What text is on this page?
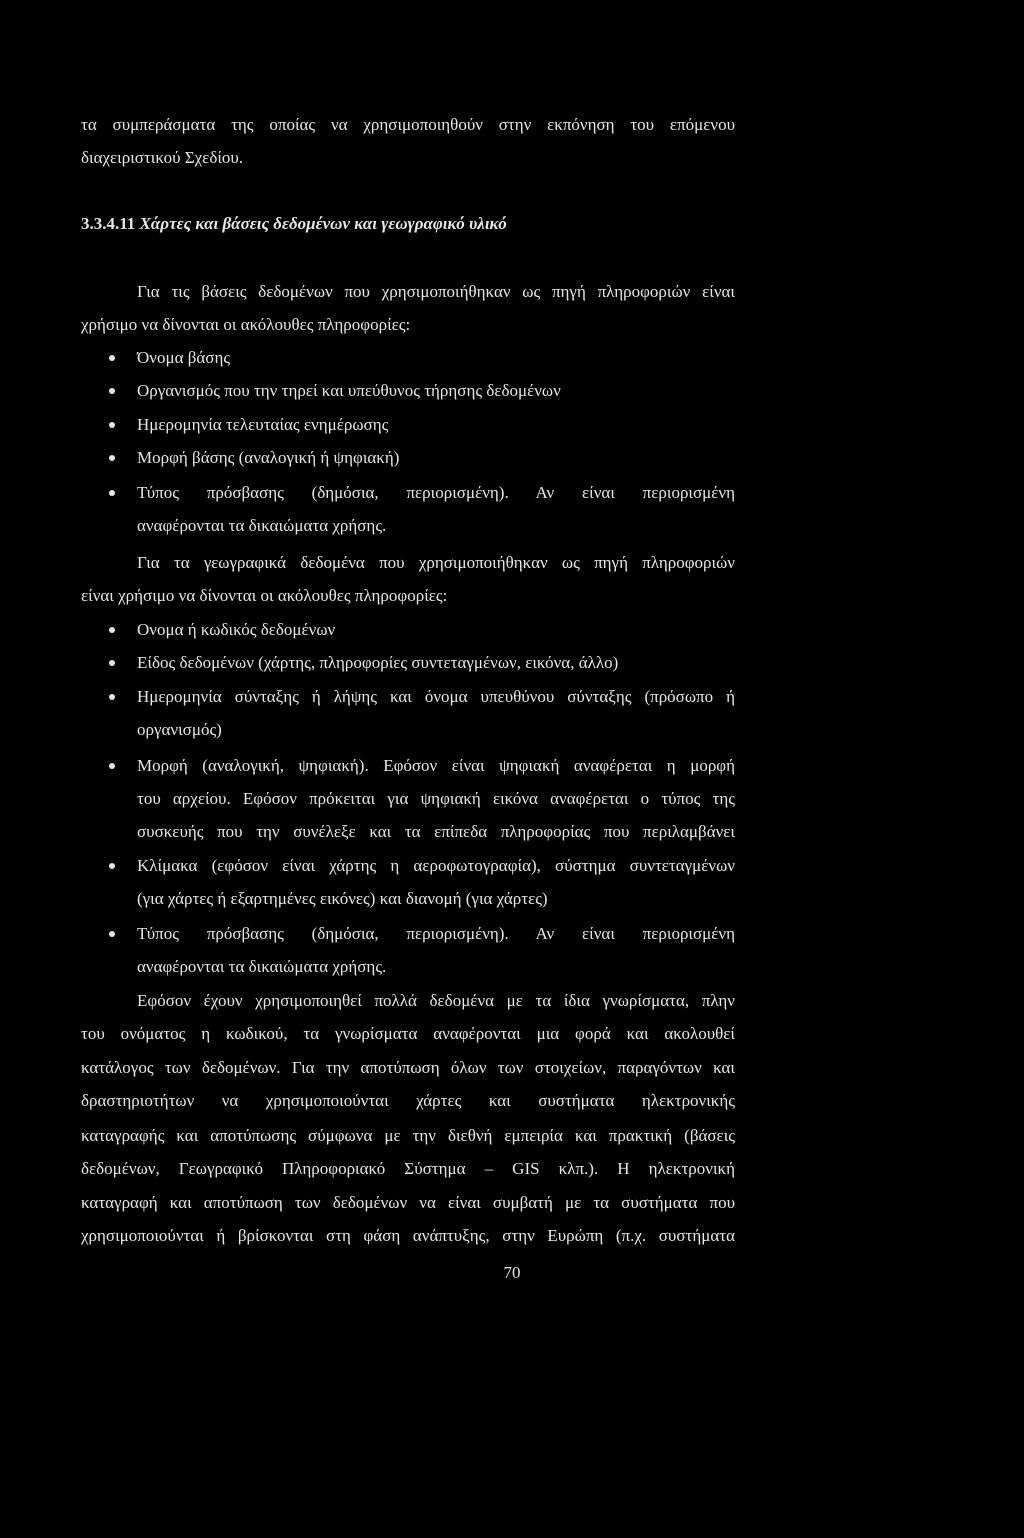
τα συμπεράσματα της οποίας να χρησιμοποιηθούν στην εκπόνηση του επόμενου
διαχειριστικού Σχεδίου.
3.3.4.11 Χάρτες και βάσεις δεδομένων και γεωγραφικό υλικό
Για τις βάσεις δεδομένων που χρησιμοποιήθηκαν ως πηγή πληροφοριών είναι
χρήσιμο να δίνονται οι ακόλουθες πληροφορίες:
Όνομα βάσης
Οργανισμός που την τηρεί και υπεύθυνος τήρησης δεδομένων
Ημερομηνία τελευταίας ενημέρωσης
Μορφή βάσης (αναλογική ή ψηφιακή)
Τύπος πρόσβασης (δημόσια, περιορισμένη). Αν είναι περιορισμένη
αναφέρονται τα δικαιώματα χρήσης.
Για τα γεωγραφικά δεδομένα που χρησιμοποιήθηκαν ως πηγή πληροφοριών
είναι χρήσιμο να δίνονται οι ακόλουθες πληροφορίες:
Ονομα ή κωδικός δεδομένων
Είδος δεδομένων (χάρτης, πληροφορίες συντεταγμένων, εικόνα, άλλο)
Ημερομηνία σύνταξης ή λήψης και όνομα υπευθύνου σύνταξης (πρόσωπο ή
οργανισμός)
Μορφή (αναλογική, ψηφιακή). Εφόσον είναι ψηφιακή αναφέρεται η μορφή
του αρχείου. Εφόσον πρόκειται για ψηφιακή εικόνα αναφέρεται ο τύπος της
συσκευής που την συνέλεξε και τα επίπεδα πληροφορίας που περιλαμβάνει
Κλίμακα (εφόσον είναι χάρτης η αεροφωτογραφία), σύστημα συντεταγμένων
(για χάρτες ή εξαρτημένες εικόνες) και διανομή (για χάρτες)
Τύπος πρόσβασης (δημόσια, περιορισμένη). Αν είναι περιορισμένη
αναφέρονται τα δικαιώματα χρήσης.
Εφόσον έχουν χρησιμοποιηθεί πολλά δεδομένα με τα ίδια γνωρίσματα, πλην
του ονόματος η κωδικού, τα γνωρίσματα αναφέρονται μια φορά και ακολουθεί
κατάλογος των δεδομένων. Για την αποτύπωση όλων των στοιχείων, παραγόντων και
δραστηριοτήτων να χρησιμοποιούνται χάρτες και συστήματα ηλεκτρονικής
καταγραφής και αποτύπωσης σύμφωνα με την διεθνή εμπειρία και πρακτική (βάσεις
δεδομένων, Γεωγραφικό Πληροφοριακό Σύστημα – GIS κλπ.). Η ηλεκτρονική
καταγραφή και αποτύπωση των δεδομένων να είναι συμβατή με τα συστήματα που
χρησιμοποιούνται ή βρίσκονται στη φάση ανάπτυξης, στην Ευρώπη (π.χ. συστήματα
70
